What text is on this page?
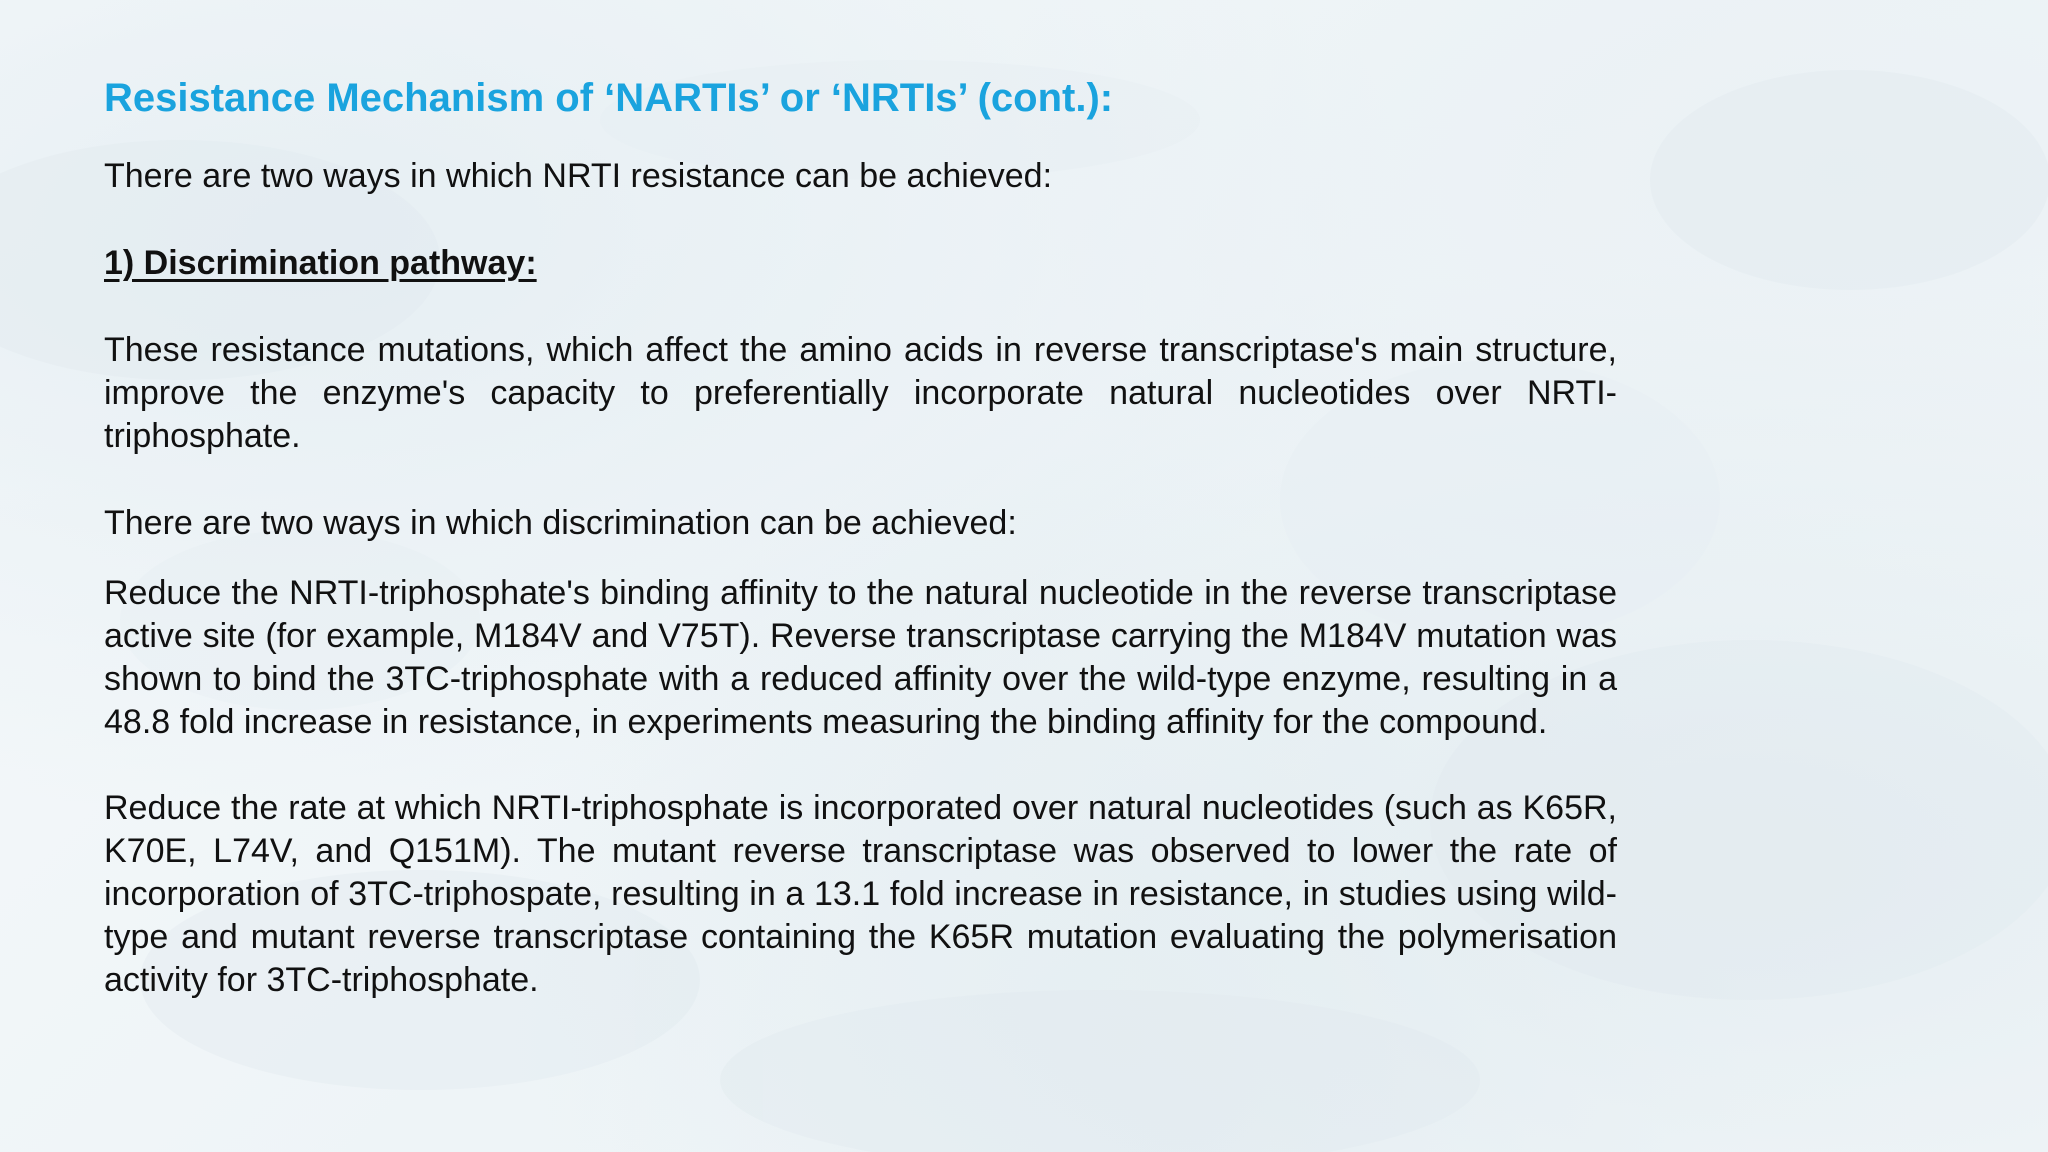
Resistance Mechanism of ‘NARTIs’ or ‘NRTIs’ (cont.):

There are two ways in which NRTI resistance can be achieved:

1) Discrimination pathway:

These resistance mutations, which affect the amino acids in reverse transcriptase's main structure, improve the enzyme's capacity to preferentially incorporate natural nucleotides over NRTI-triphosphate.

There are two ways in which discrimination can be achieved:

Reduce the NRTI-triphosphate's binding affinity to the natural nucleotide in the reverse transcriptase active site (for example, M184V and V75T). Reverse transcriptase carrying the M184V mutation was shown to bind the 3TC-triphosphate with a reduced affinity over the wild-type enzyme, resulting in a 48.8 fold increase in resistance, in experiments measuring the binding affinity for the compound.

Reduce the rate at which NRTI-triphosphate is incorporated over natural nucleotides (such as K65R, K70E, L74V, and Q151M). The mutant reverse transcriptase was observed to lower the rate of incorporation of 3TC-triphospate, resulting in a 13.1 fold increase in resistance, in studies using wild-type and mutant reverse transcriptase containing the K65R mutation evaluating the polymerisation activity for 3TC-triphosphate.
